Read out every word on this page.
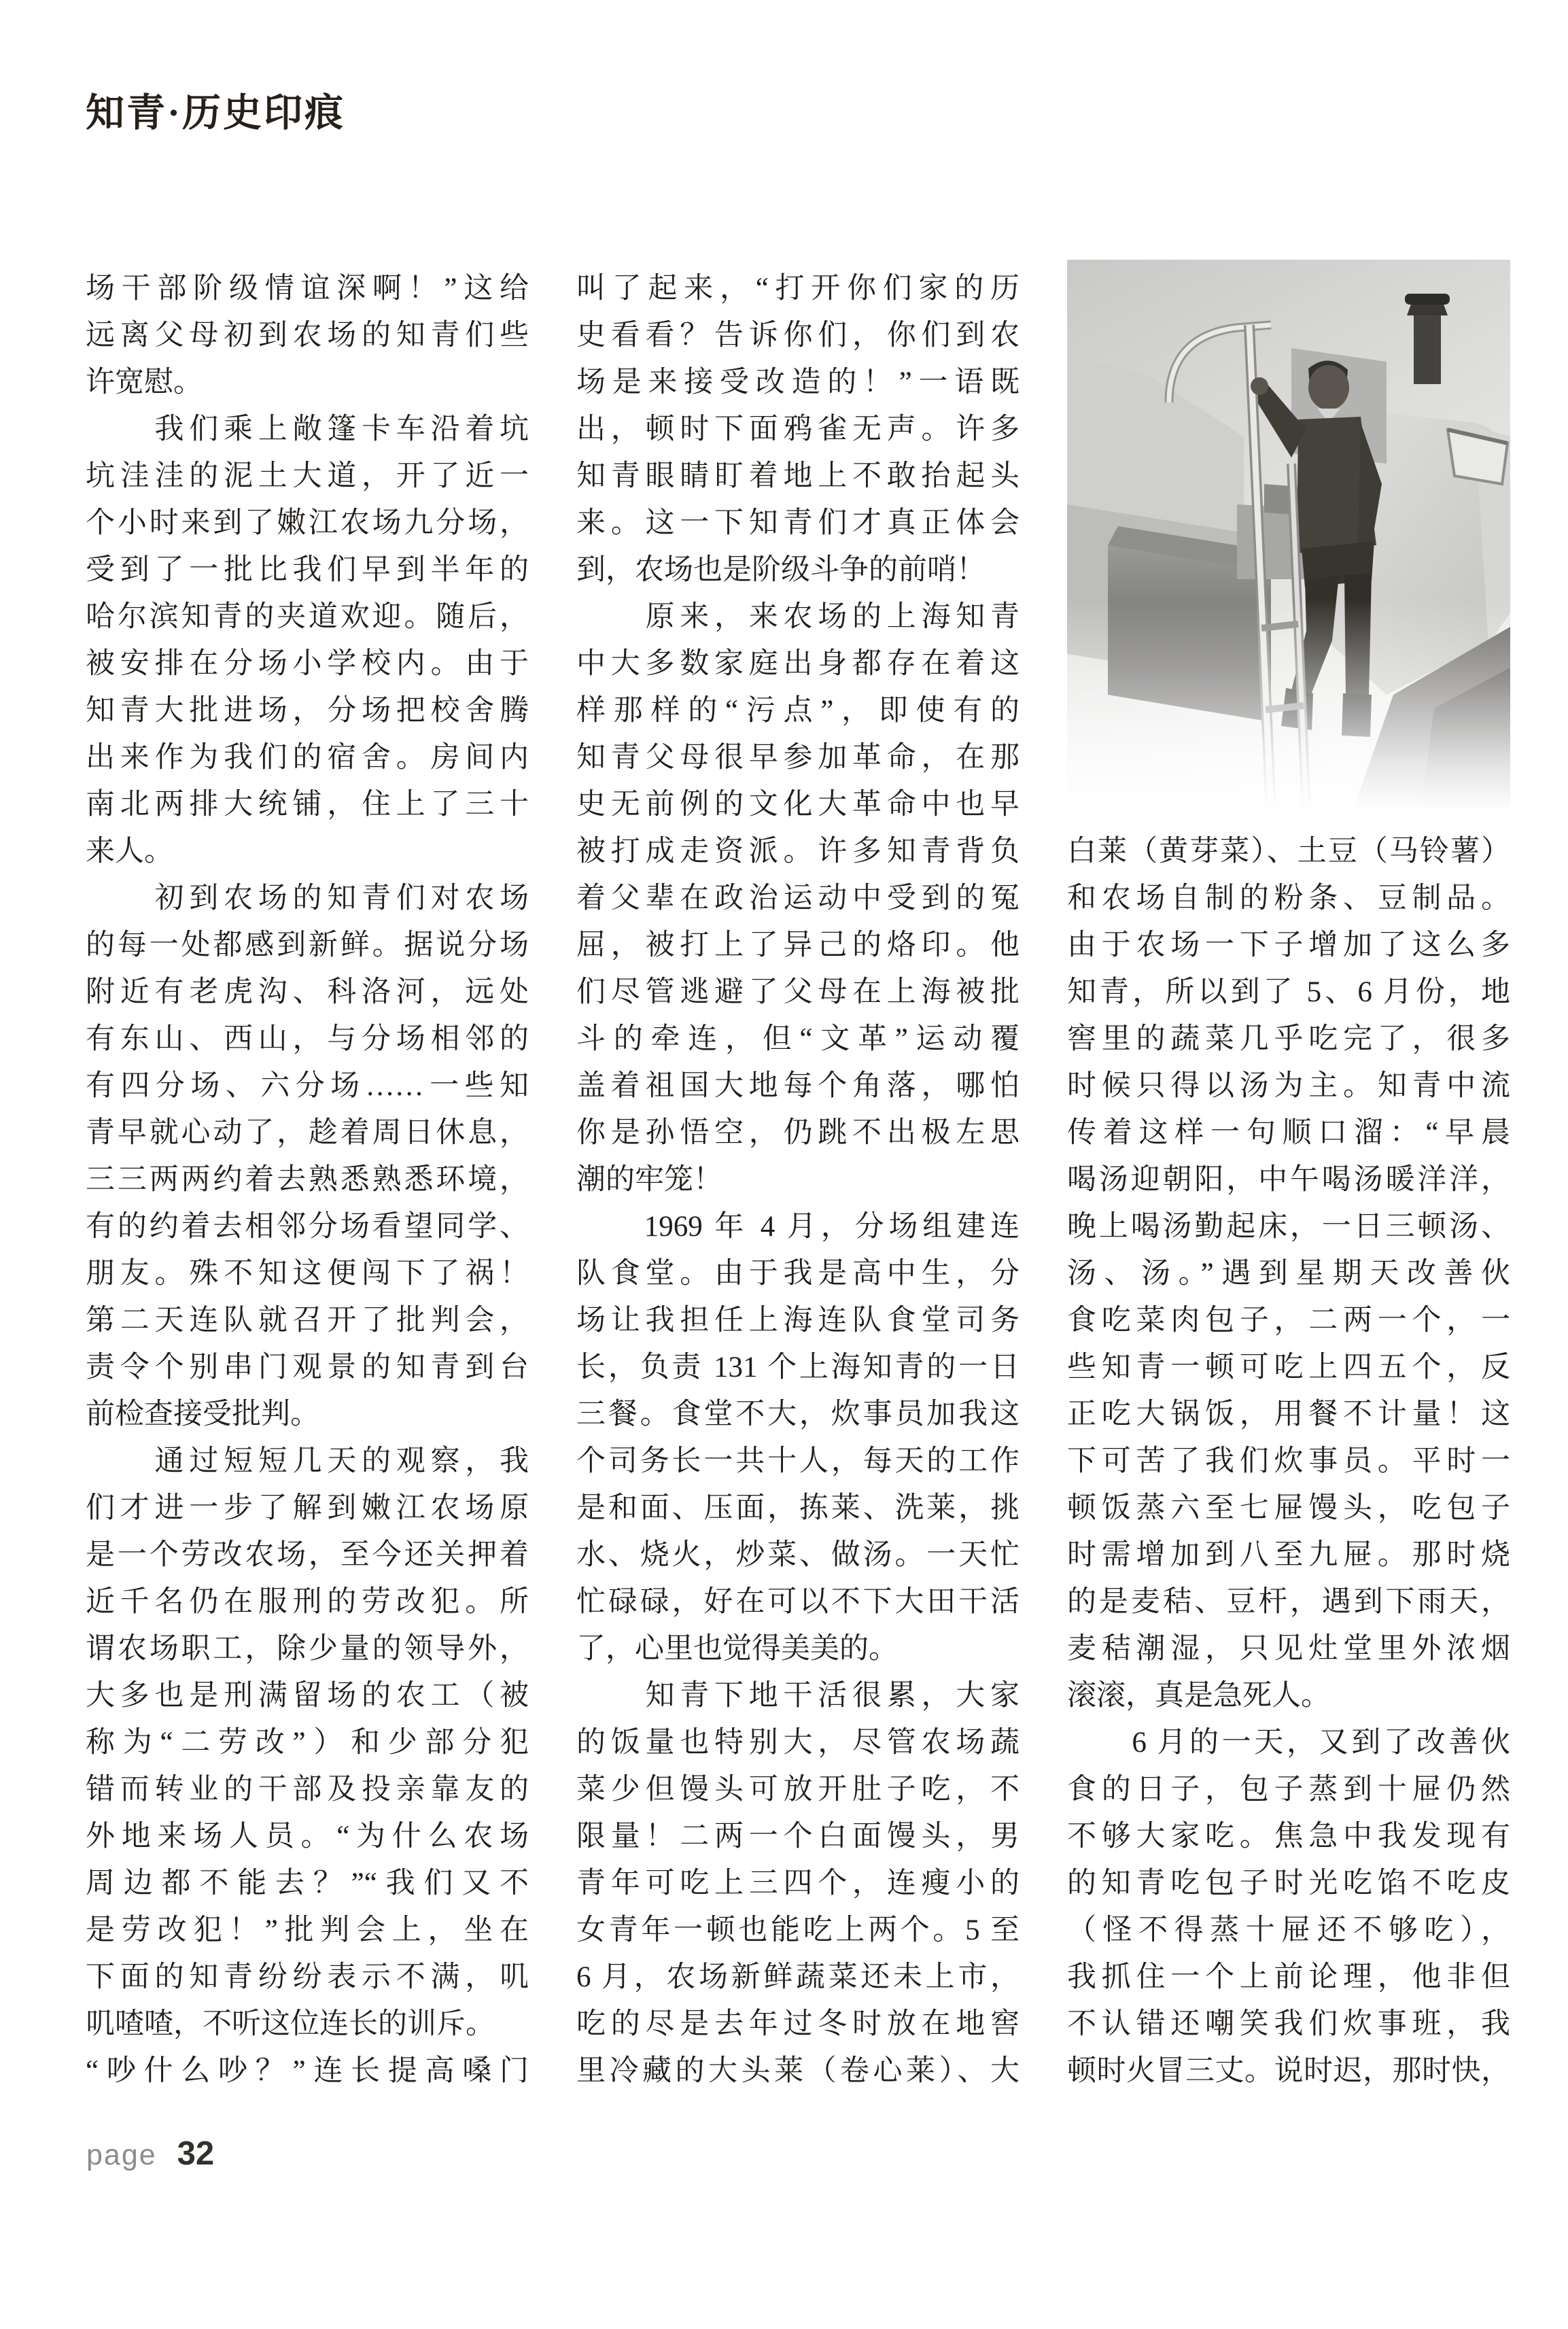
知青·历史印痕
场干部阶级情谊深啊！”这给
远离父母初到农场的知青们些
许宽慰。
　　我们乘上敞篷卡车沿着坑
坑洼洼的泥土大道，开了近一
个小时来到了嫩江农场九分场，
受到了一批比我们早到半年的
哈尔滨知青的夹道欢迎。随后，
被安排在分场小学校内。由于
知青大批进场，分场把校舍腾
出来作为我们的宿舍。房间内
南北两排大统铺，住上了三十
来人。
　　初到农场的知青们对农场
的每一处都感到新鲜。据说分场
附近有老虎沟、科洛河，远处
有东山、西山，与分场相邻的
有四分场、六分场……一些知
青早就心动了，趁着周日休息，
三三两两约着去熟悉熟悉环境，
有的约着去相邻分场看望同学、
朋友。殊不知这便闯下了祸！
第二天连队就召开了批判会，
责令个别串门观景的知青到台
前检查接受批判。
　　通过短短几天的观察，我
们才进一步了解到嫩江农场原
是一个劳改农场，至今还关押着
近千名仍在服刑的劳改犯。所
谓农场职工，除少量的领导外，
大多也是刑满留场的农工（被
称为“二劳改”）和少部分犯
错而转业的干部及投亲靠友的
外地来场人员。“为什么农场
周边都不能去？”“我们又不
是劳改犯！”批判会上，坐在
下面的知青纷纷表示不满，叽
叽喳喳，不听这位连长的训斥。
“吵什么吵？”连长提高嗓门
叫了起来，“打开你们家的历
史看看？告诉你们，你们到农
场是来接受改造的！”一语既
出，顿时下面鸦雀无声。许多
知青眼睛盯着地上不敢抬起头
来。这一下知青们才真正体会
到，农场也是阶级斗争的前哨！
　　原来，来农场的上海知青
中大多数家庭出身都存在着这
样那样的“污点”，即使有的
知青父母很早参加革命，在那
史无前例的文化大革命中也早
被打成走资派。许多知青背负
着父辈在政治运动中受到的冤
屈，被打上了异己的烙印。他
们尽管逃避了父母在上海被批
斗的牵连，但“文革”运动覆
盖着祖国大地每个角落，哪怕
你是孙悟空，仍跳不出极左思
潮的牢笼！
　　1969 年 4 月，分场组建连
队食堂。由于我是高中生，分
场让我担任上海连队食堂司务
长，负责 131 个上海知青的一日
三餐。食堂不大，炊事员加我这
个司务长一共十人，每天的工作
是和面、压面，拣莱、洗莱，挑
水、烧火，炒菜、做汤。一天忙
忙碌碌，好在可以不下大田干活
了，心里也觉得美美的。
　　知青下地干活很累，大家
的饭量也特别大，尽管农场蔬
菜少但馒头可放开肚子吃，不
限量！二两一个白面馒头，男
青年可吃上三四个，连瘦小的
女青年一顿也能吃上两个。5 至
6 月，农场新鲜蔬菜还未上市，
吃的尽是去年过冬时放在地窖
里冷藏的大头莱（卷心莱）、大
白莱（黄芽菜）、土豆（马铃薯）
和农场自制的粉条、豆制品。
由于农场一下子增加了这么多
知青，所以到了 5、6 月份，地
窖里的蔬菜几乎吃完了，很多
时候只得以汤为主。知青中流
传着这样一句顺口溜：“早晨
喝汤迎朝阳，中午喝汤暖洋洋，
晚上喝汤勤起床，一日三顿汤、
汤、汤。”遇到星期天改善伙
食吃菜肉包子，二两一个，一
些知青一顿可吃上四五个，反
正吃大锅饭，用餐不计量！这
下可苦了我们炊事员。平时一
顿饭蒸六至七屉馒头，吃包子
时需增加到八至九屉。那时烧
的是麦秸、豆杆，遇到下雨天，
麦秸潮湿，只见灶堂里外浓烟
滚滚，真是急死人。
　　6 月的一天，又到了改善伙
食的日子，包子蒸到十屉仍然
不够大家吃。焦急中我发现有
的知青吃包子时光吃馅不吃皮
（怪不得蒸十屉还不够吃），
我抓住一个上前论理，他非但
不认错还嘲笑我们炊事班，我
顿时火冒三丈。说时迟，那时快，
page 32
